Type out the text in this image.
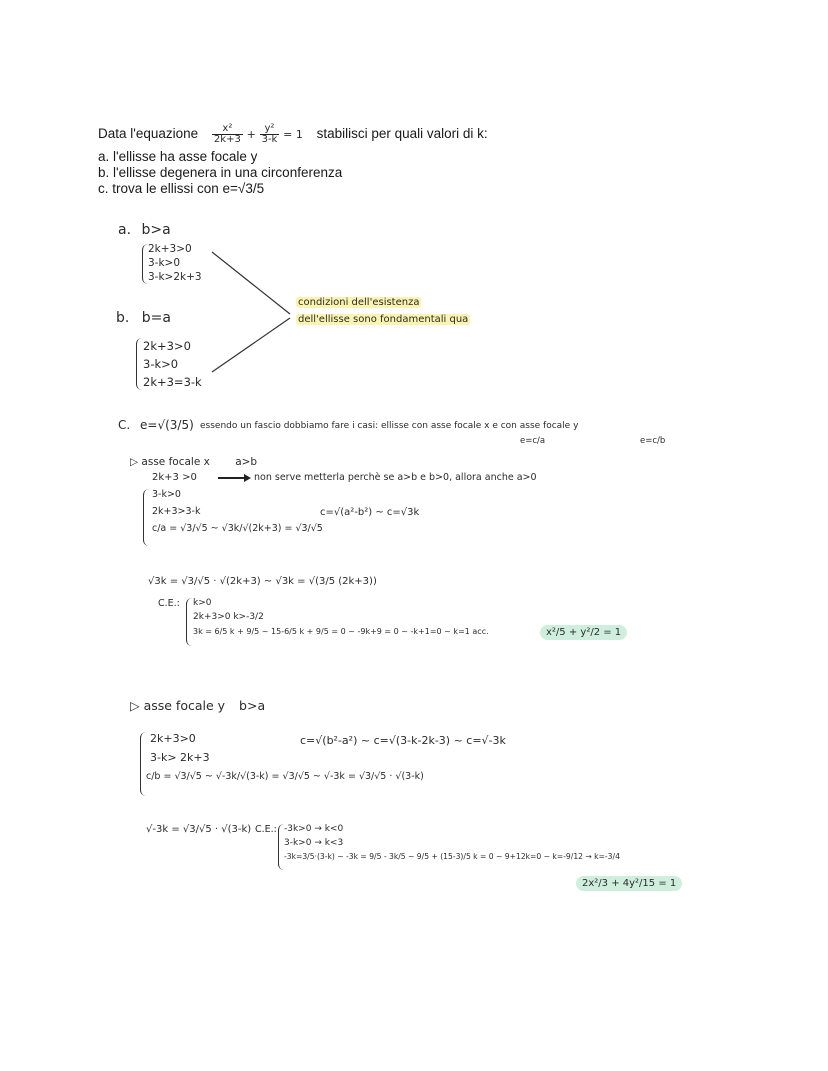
Data l'equazione $\frac{\text{x²}}{2k+3} + \frac{\text{y²}}{3-k} = 1$ stabilisci per quali valori di k:
a. l'ellisse ha asse focale y
b. l'ellisse degenera in una circonferenza
c. trova le ellissi con e=√3/5
a. b>a
2k+3>0
3-k>0
3-k>2k+3
b. b=a
2k+3>0
3-k>0
2k+3=3-k
condizioni dell'esistenza
dell'ellisse sono fondamentali qua
C. e=√(3/5) essendo un fascio dobbiamo fare i casi: ellisse con asse focale x e con asse focale y
e=c/a	e=c/b
▷ asse focale x a>b
2k+3 >0	non serve metterla perchè se a>b e b>0, allora anche a>0
3-k>0
2k+3>3-k
c/a = √3/√5 ~ √3k/√(2k+3) = √3/√5
c=√(a²-b²) ~ c=√3k
√3k = √3/√5 · √(2k+3) ~ √3k = √(3/5 (2k+3))
C.E.: k>0
2k+3>0 k>-3/2
3k = 6/5 k + 9/5 ~ 15-6/5 k + 9/5 = 0 ~ -9k+9 = 0 ~ -k+1=0 ~ k=1 acc.	x²/5 + y²/2 = 1
▷ asse focale y b>a
2k+3>0
3-k> 2k+3
c/b = √3/√5 ~ √-3k/√(3-k) = √3/√5 ~ √-3k = √3/√5 · √(3-k)
c=√(b²-a²) ~ c=√(3-k-2k-3) ~ c=√-3k
√-3k = √3/√5 · √(3-k) C.E.: -3k>0 → k<0
3-k>0 → k<3
-3k=3/5·(3-k) ~ -3k = 9/5 - 3k/5 ~ 9/5 + (15-3)/5 k = 0 ~ 9+12k=0 ~ k=-9/12 → k=-3/4
2x²/3 + 4y²/15 = 1
